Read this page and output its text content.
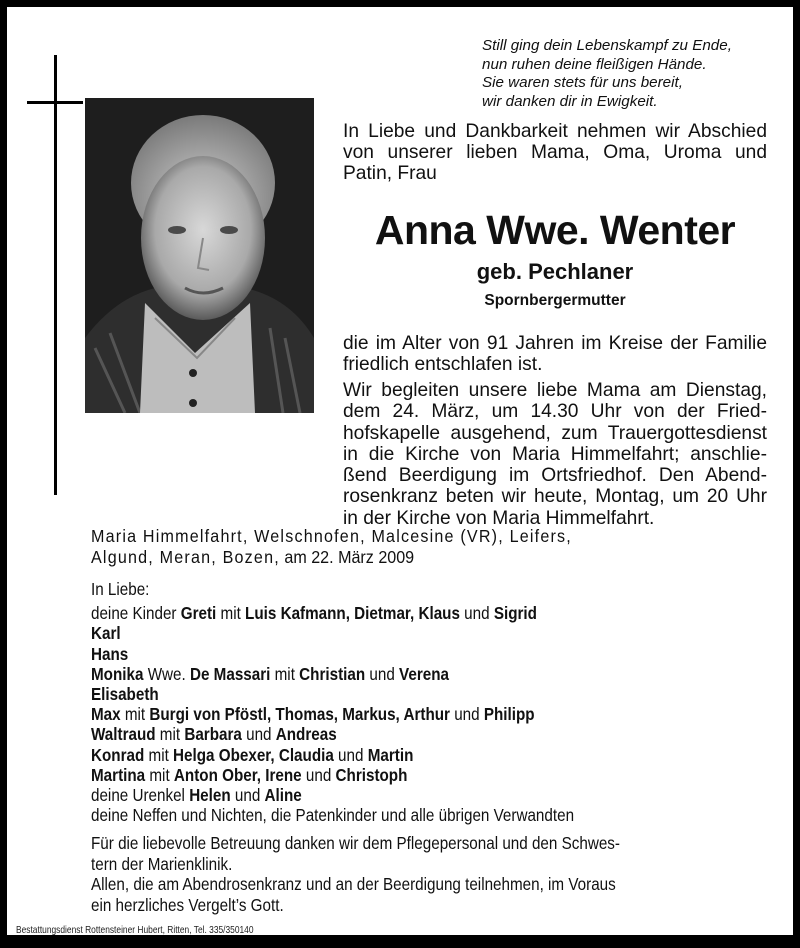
Still ging dein Lebenskampf zu Ende,
nun ruhen deine fleißigen Hände.
Sie waren stets für uns bereit,
wir danken dir in Ewigkeit.
In Liebe und Dankbarkeit nehmen wir Abschied
von unserer lieben Mama, Oma, Uroma und
Patin, Frau
Anna Wwe. Wenter
geb. Pechlaner
Spornbergermutter
die im Alter von 91 Jahren im Kreise der Familie
friedlich entschlafen ist.
Wir begleiten unsere liebe Mama am Dienstag,
dem 24. März, um 14.30 Uhr von der Fried-
hofskapelle ausgehend, zum Trauergottesdienst
in die Kirche von Maria Himmelfahrt; anschlie-
ßend Beerdigung im Ortsfriedhof. Den Abend-
rosenkranz beten wir heute, Montag, um 20 Uhr
in der Kirche von Maria Himmelfahrt.
Maria Himmelfahrt, Welschnofen, Malcesine (VR), Leifers,
Algund, Meran, Bozen, am 22. März 2009
In Liebe:
deine Kinder Greti mit Luis Kafmann, Dietmar, Klaus und Sigrid
Karl
Hans
Monika Wwe. De Massari mit Christian und Verena
Elisabeth
Max mit Burgi von Pföstl, Thomas, Markus, Arthur und Philipp
Waltraud mit Barbara und Andreas
Konrad mit Helga Obexer, Claudia und Martin
Martina mit Anton Ober, Irene und Christoph
deine Urenkel Helen und Aline
deine Neffen und Nichten, die Patenkinder und alle übrigen Verwandten
Für die liebevolle Betreuung danken wir dem Pflegepersonal und den Schwes-
tern der Marienklinik.
Allen, die am Abendrosenkranz und an der Beerdigung teilnehmen, im Voraus
ein herzliches Vergelt’s Gott.
Bestattungsdienst Rottensteiner Hubert, Ritten, Tel. 335/350140
